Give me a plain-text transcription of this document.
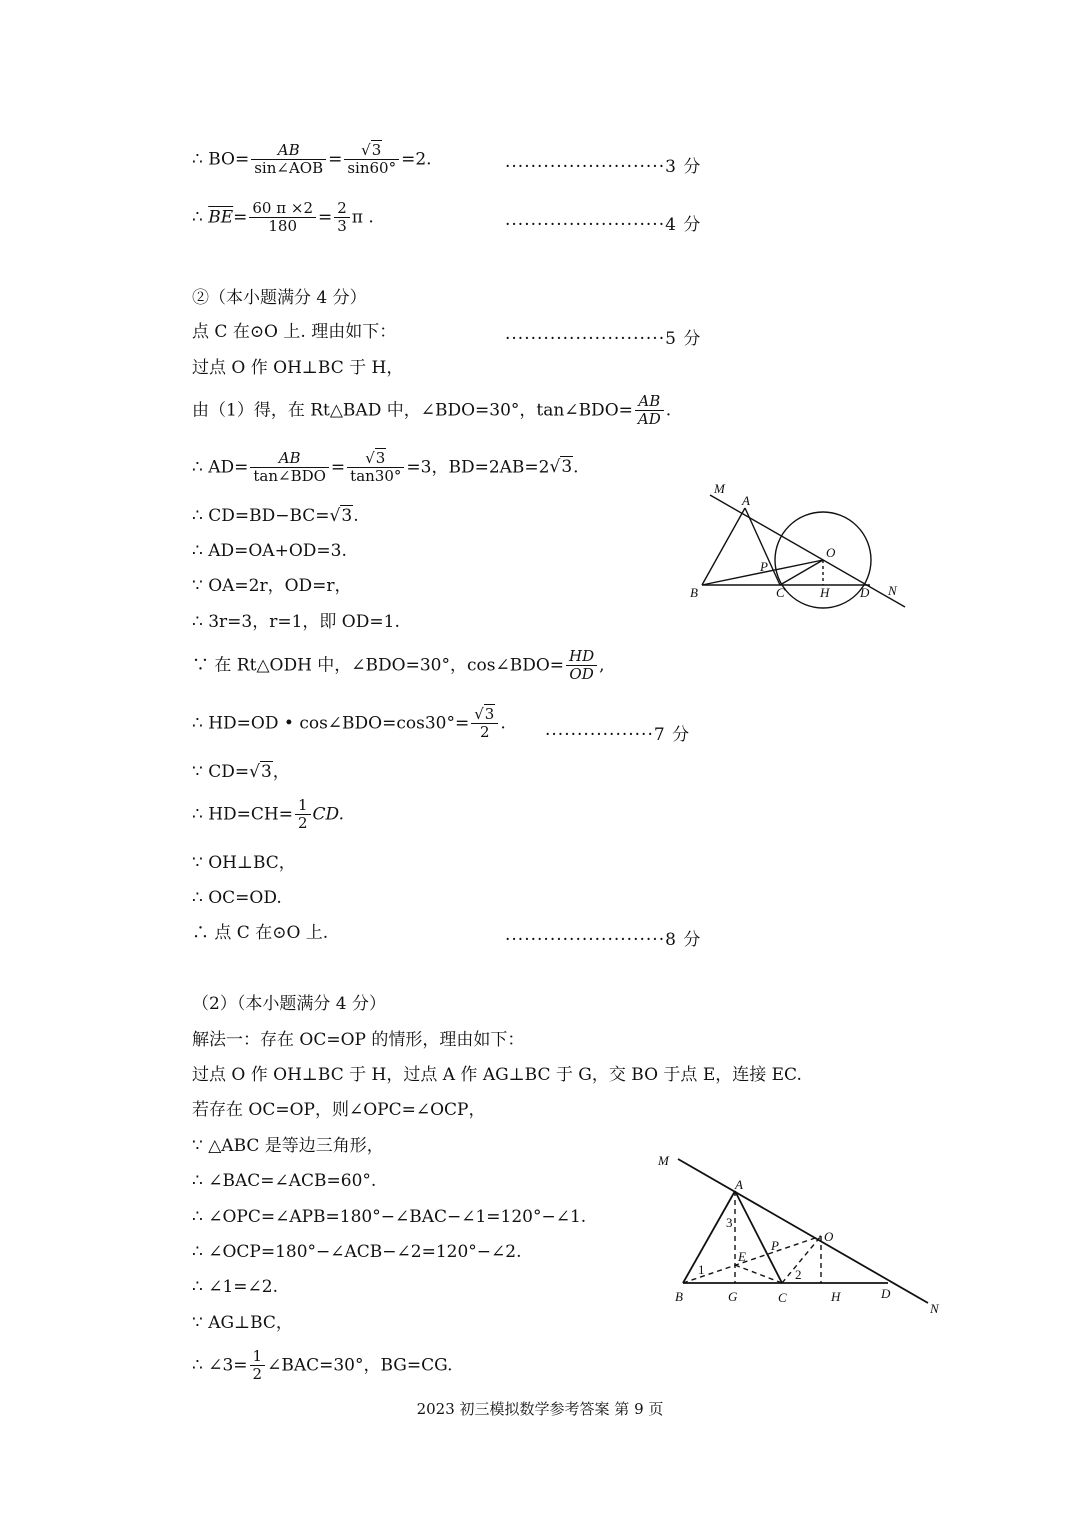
∴ $BO= \frac{AB}{\text{sin∠AOB}} = \frac{√3}{\sin 60^\circ} =2$.	·························3 分
∴ $\overline{BE}= \frac{60 \pi \times 2}{180} = \frac{2}{3}$ π .	·························4 分
②（本小题满分 4 分）
点 C 在⊙O 上. 理由如下：	·························5 分
过点 O 作 OH⊥BC 于 H，
由（1）得，在 Rt△BAD 中，∠BDO=30°，tan∠BDO= $\frac{AB}{AD}$ .
∴ $AD= \frac{AB}{\text{tan∠BDO}} = \frac{√3}{\tan 30^\circ} =3$，BD=2AB=2√3.
∴ CD=BD−BC=√3.
∴ AD=OA+OD=3.
∵ OA=2r，OD=r，
∴ 3r=3，r=1，即 OD=1.
∵ 在 Rt△ODH 中，∠BDO=30°，cos∠BDO= $\frac{HD}{OD}$ ,
∴ HD=OD • cos∠BDO=cos30°= $\frac{√3}{2}$ .
·················7 分
∵ CD=√3，
∴ $HD=CH= \frac{1}{2}$ CD.
∵ OH⊥BC，
∴ OC=OD.
∴ 点 C 在⊙O 上.	·························8 分
（2）（本小题满分 4 分）
解法一：存在 OC=OP 的情形，理由如下：
过点 O 作 OH⊥BC 于 H，过点 A 作 AG⊥BC 于 G，交 BO 于点 E，连接 EC.
若存在 OC=OP，则∠OPC=∠OCP，
∵ △ABC 是等边三角形，
∴ ∠BAC=∠ACB=60°.
∴ ∠OPC=∠APB=180°−∠BAC−∠1=120°−∠1.
∴ ∠OCP=180°−∠ACB−∠2=120°−∠2.
∴ ∠1=∠2.
∵ AG⊥BC，
∴ ∠3= $\frac{1}{2}$ ∠BAC=30°，BG=CG.
2023 初三模拟数学参考答案 第 9 页
M
A
O
P
B	C	H D N
M
A
O
P
E
B	G	C	H	D
N
1	2
3
